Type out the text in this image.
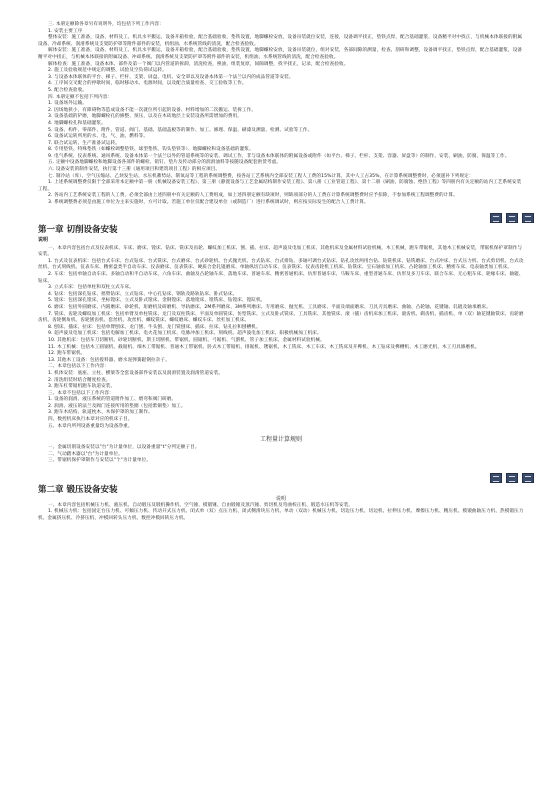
三. 本册定额除各章另有说明外，均包括下列工作内容：

1. 安装主要工序

整体安装：施工准备，设备、材料及工、机具水平搬运，设备开箱检验，配合基础验收，垫铁设置，地脚螺栓安放，设备吊装就位安装，连接，设备调平找正，垫铁点焊，配合基础灌浆，设备精平对中找正，与机械本体联接的附属设备、冷却系统、润滑系统及支架防护罩等附件部件的安装，机组油、水系统管线的清洗，配合检查验收。

解体安装：施工准备，设备、材料及工、机具水平搬运，设备开箱检验，配合基础验收，垫铁设置，地脚螺栓安放，设备吊装就位，组对安装，各部间隙的测量，检查、刮研和调整，设备调平找正，垫铁点焊，配合基础灌浆，设备精平对中找正，与机械本体联接的附属设备、冲却系统、润滑系统及支架防护罩等附件部件的安装，机组油、水系统管线的清洗，配合检查验收。

解体检查：施工准备，设备本体、部件及第一个阀门以内管道的拆卸，清洗检查，换油，组装复原，间隙调整，找平找正，记录，配合检查验收。

2. 施工及验收规范中规定的调整、试验及空负荷试运转。

3. 与设备本体联体的平台、梯子、栏杆、支架、屏盘、电机、安全罩以及设备本体第一个法兰以内的成品管道等安装。

4. 工序间交叉配合的停歇时间，临时移动水、电源时间，以及配合质量检查、交工验收等工作。

5. 配合检查验收。

四. 本册定额不包括下列内容：

1. 设备场外运输。

2. 因场地狭小，有障碍物等造成设备不能一次就位所引起的设备、材料增加的二次搬运、装拆工作。

3. 设备基础的铲磨，地脚螺栓孔的修整、预压，以及在木砖地层上安装设备所需增加的费用。

4. 地脚螺栓孔和基础灌浆。

5. 设备、构件、零部件、附件、管道、阀门、基础、基础盖板等的制作、加工、修理、保温、刷漆及测量、检测、试验等工作。

6. 设备试运转所用的水、电、气、油、燃料等。

7. 联合试运转、生产准备试运转。

8. 专用垫铁、特殊垫铁（如螺栓调整垫铁、球型垫铁、钩头垫铁等）、地脚螺栓和设备基础的灌浆。

9. 电气系统、仪表系统、通风系统、设备本体第一个法兰以外的管道系统等的安装、调试工作，非与设备本体联体的附属设备或附件（如平台、梯子、栏杆、支架、容器、屏盘等）的制作、安装、刷油、防腐、保温等工作。

五. 定额中设备地脚螺栓和地脚设备各部件的螺栓、销钉、垫片及传动部分的润滑油料等按随设备配套供货考虑。

六. 设备安装的制作安装，执行第十三册《通用项目和建筑项目工程》的相应项目。

七. 制冷站（库）、空气压缩站、乙炔发生站、水压机蓄势站、制氧站等工程的系统调整费，按各站工艺系统内全部安装工程人工费的15%计算，其中人工占35%，在计算系统调整费时，必须递补下列规定：

1. 上述系统调整费仅限于全部采用本定额中第一册《机械设备安装工程》、第三册《静置设备与工艺金属结构制作安装工程》、第八册《工业管道工程》、第十二册《刷油、防腐蚀、绝热工程》等四册内有关定额的站内工艺系统安装工程。

2. 各站内工艺系统安装工程的人工费，必须全部由上述四册中有关定额的人工费组成，如上述四册定额有缺项时，则缺项部分的人工费在计算系统调整费时应予扣除，不参加系统工程调整费的计算。

3. 系统调整费必须是由施工单位为主来实施时，方可计取。若施工单位仅配合建设单位（或制造厂）进行系统调试时，则应按实际发生的配合人工费计算。

第一章 切削设备安装
说明

一、本章内容包括台式及仪表机床、车床、磨床、镗床、钻床、铣床及齿轮、螺纹加工机床、刨、插、拉床、超声波及电加工机床，其他机床及金属材料试验机械，木工机械，跑车带锯机，其他木工机械安装，带锯机保护罩制作与安装。

1. 台式及仪表机床：包括台式车床、台式钻床、台式铣床、台式磨床、台式砂轮机、台式抛光机、台式钻床、台式排钻、多轴可调台式钻床、钻孔攻丝两用台钻、钻铣机床、钻铣磨床、台式冲床、台式压力机、台式剪切机、台式攻丝机、台式刻线机、仪表车床、精密盘类半自动车床、仪表磨床、仪表铣床、硬质合金轧锟磨床、单轴纵切自动车床、仪表铣床、仪表齿轮机工机床、钻铣床、宝石轴承加工机床、凸轮轴加工机床、精密车床、电表轴类加工机床。

2. 车床：包括单轴自动车床、多轴自动和半自动车床、六角车床、曲轴及凸轮轴车床、落地车床、普通车床、精密普通机床、仿形普通车床、马鞍车床、重型普通车床、仿形及多刀车床、联合车床、无心粗车床、轮缘车床、轴辊、钻床。

3. 立式车床：包括单柱和双柱立式车床。

4. 钻床：包括深孔钻床、摇臂钻床、立式钻床、中心孔钻床、钢轨及路轨钻床、卧式钻床。

5. 镗床：包括深孔镗床、坐标镗床、立式及卧式镗床、金钢镗床、落地镗床、镗铣床、钻镗床、镗缸机。

6. 磨床：包括外圆磨床、内圆磨床、砂轮机、珩磨机及研磨机、导轨磨床、2M系列磨床、3M系列磨床、专用磨床、抛光机、工具磨床、平面及端面磨床、刀具刃具磨床、曲轴、凸轮轴、花键轴、轧辊及轴承磨床。

7. 铣床、齿轮及螺纹加工机床：包括单臂及单柱铣床、龙门及双柱铣床、平面及单圆铣床、仿型铣床、立式及卧式铣床、工具铣床、其他铣床、滚（插）齿机床加工机床、滚齿机、剃齿机、插齿机、单（双）轴花键轴铣床、齿轮磨齿机、齿轮倒角机、齿轮刨齿机、套丝机、攻丝机、螺纹铣床、螺纹磨床、螺纹车床、丝杠加工机床。

8. 刨床、插床、拉床：包括单臂刨床、龙门刨、牛头刨、龙门铣刨床、插床、拉床、钻孔拉和刨槽机。

9. 超声波及电加工机床：包括电解加工机床、电火花加工机床、电脉冲加工机床、刻线机、超声波电加工机床、阳极机械加工机床。

10. 其他机床：包括车刀切断机、砂轮切断机、斯王切断机、带锯机、圆锯机、弓锯机、气割机、管子加工机床、金属材料试验机械。

11. 木工机械：包括木工圆锯机、截锯机、细木工带锯机、普通木工带锯机、卧式木工带锯机、排锯机、镂锯机、木工铣床、木工车床、木工铣床及开榫机、木工钻床及榫槽机、木工磨光机、木工刃具修磨机。

12. 跑车带锯机。

13. 其他木工设备：包括拨料器、磨水泥弹簧辊钢拉杂子。

二、本章包括以下工作内容：

1. 机体安装：底座、立柱、横梁等全套设备部件安装以及润滑装置及润滑管道安装。

2. 清洗组装时结合精度检查。

3. 跑车杠带锯机跑车轨道安装。

三、本章不包括以下工作内容：

1. 设备的润滑、液压系统的管道附件加工、煨弯和阀门研磨。

2. 润滑、液压的法兰及阀门连接所用的垫圈（包括紫铜垫）加工。

3. 跑车木结构、轨道枕木、木保护罩的加工制作。

四、数控机床执行本章对应的机床子目。

五、本章内所列设备重量均为设备净重。

工程量计算规则

一、金属切削设备安装以"台"为计量单位，以设备重量"t"分列定额子目。

二、气动踏木器以"台"为计量单位。

三、带锯机保护罩制作与安装以"个"为计量单位。

第二章 锻压设备安装
说明

一、本章内容包括机械压力机、液压机、自动锻压及锻机操作机、空气锤、模锻锤、自由锻锤及蒸汽锤、剪切机及弯曲校正机、锻造水压机等安装。

1. 机械压力机：包括固定台压力机、可倾压力机、传动开式压力机、闭式单（双）点压力机、闭式侧滑块压力机、单动（双动）机械压力机、切边压力机、切边机、拉伸压力机、摩擦压力机、精压机、模锻曲轴压力机、热模锻压力机、金属挤压机、冷挤压机、冲模回转头压力机、数控冲模回转压力机。
